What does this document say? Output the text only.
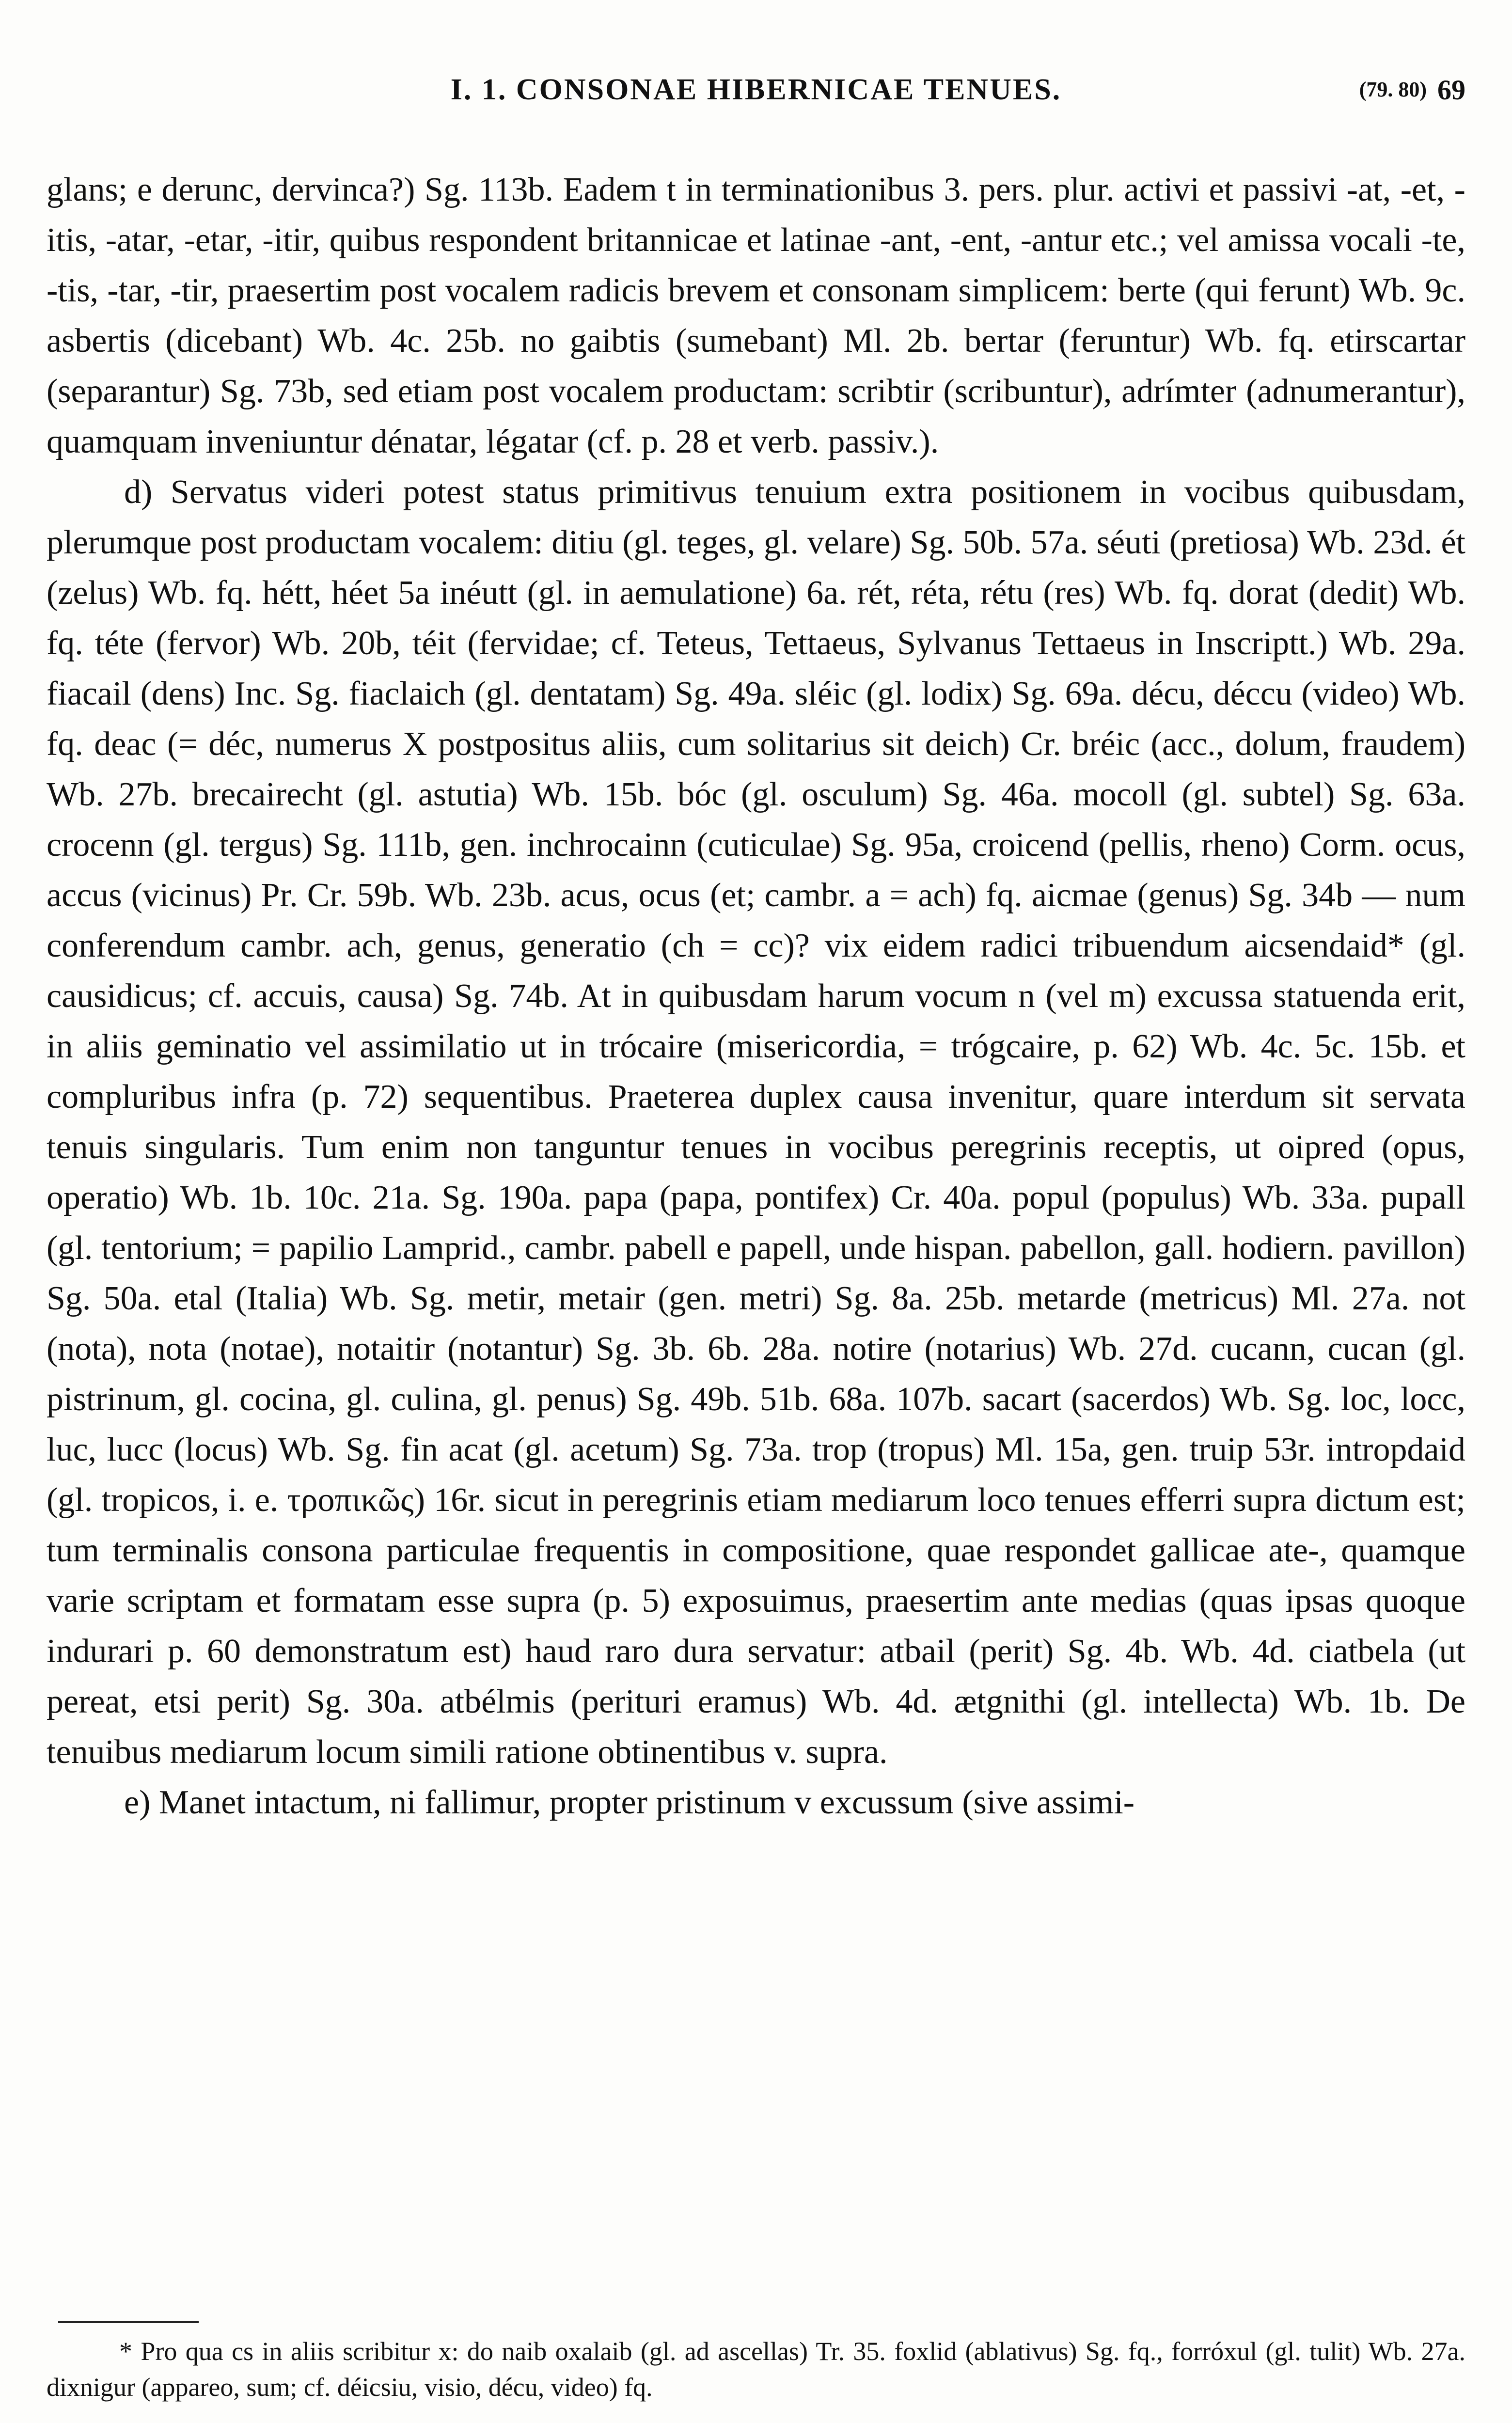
I. 1. CONSONAE HIBERNICAE TENUES.	(79. 80) 69

glans; e derunc, dervinca?) Sg. 113b. Eadem t in terminationibus 3. pers. plur. activi et passivi -at, -et, -itis, -atar, -etar, -itir, quibus respondent britannicae et latinae -ant, -ent, -antur etc.; vel amissa vocali -te, -tis, -tar, -tir, praesertim post vocalem radicis brevem et consonam simplicem: berte (qui ferunt) Wb. 9c. asbertis (dicebant) Wb. 4c. 25b. no gaibtis (sumebant) Ml. 2b. bertar (feruntur) Wb. fq. etirscartar (separantur) Sg. 73b, sed etiam post vocalem productam: scribtir (scribuntur), adrímter (adnumerantur), quamquam inveniuntur dénatar, légatar (cf. p. 28 et verb. passiv.).

d) Servatus videri potest status primitivus tenuium extra positionem in vocibus quibusdam, plerumque post productam vocalem: ditiu (gl. teges, gl. velare) Sg. 50b. 57a. séuti (pretiosa) Wb. 23d. ét (zelus) Wb. fq. hétt, héet 5a inéutt (gl. in aemulatione) 6a. rét, réta, rétu (res) Wb. fq. dorat (dedit) Wb. fq. téte (fervor) Wb. 20b, téit (fervidae; cf. Teteus, Tettaeus, Sylvanus Tettaeus in Inscriptt.) Wb. 29a. fiacail (dens) Inc. Sg. fiaclaich (gl. dentatam) Sg. 49a. sléic (gl. lodix) Sg. 69a. décu, déccu (video) Wb. fq. deac (= déc, numerus X postpositus aliis, cum solitarius sit deich) Cr. bréic (acc., dolum, fraudem) Wb. 27b. brecairecht (gl. astutia) Wb. 15b. bóc (gl. osculum) Sg. 46a. mocoll (gl. subtel) Sg. 63a. crocenn (gl. tergus) Sg. 111b, gen. inchrocainn (cuticulae) Sg. 95a, croicend (pellis, rheno) Corm. ocus, accus (vicinus) Pr. Cr. 59b. Wb. 23b. acus, ocus (et; cambr. a = ach) fq. aicmae (genus) Sg. 34b — num conferendum cambr. ach, genus, generatio (ch = cc)? vix eidem radici tribuendum aicsendaid* (gl. causidicus; cf. accuis, causa) Sg. 74b. At in quibusdam harum vocum n (vel m) excussa statuenda erit, in aliis geminatio vel assimilatio ut in trócaire (misericordia, = trógcaire, p. 62) Wb. 4c. 5c. 15b. et compluribus infra (p. 72) sequentibus. Praeterea duplex causa invenitur, quare interdum sit servata tenuis singularis. Tum enim non tanguntur tenues in vocibus peregrinis receptis, ut oipred (opus, operatio) Wb. 1b. 10c. 21a. Sg. 190a. papa (papa, pontifex) Cr. 40a. popul (populus) Wb. 33a. pupall (gl. tentorium; = papilio Lamprid., cambr. pabell e papell, unde hispan. pabellon, gall. hodiern. pavillon) Sg. 50a. etal (Italia) Wb. Sg. metir, metair (gen. metri) Sg. 8a. 25b. metarde (metricus) Ml. 27a. not (nota), nota (notae), notaitir (notantur) Sg. 3b. 6b. 28a. notire (notarius) Wb. 27d. cucann, cucan (gl. pistrinum, gl. cocina, gl. culina, gl. penus) Sg. 49b. 51b. 68a. 107b. sacart (sacerdos) Wb. Sg. loc, locc, luc, lucc (locus) Wb. Sg. fin acat (gl. acetum) Sg. 73a. trop (tropus) Ml. 15a, gen. truip 53r. intropdaid (gl. tropicos, i. e. τροπικῶς) 16r. sicut in peregrinis etiam mediarum loco tenues efferri supra dictum est; tum terminalis consona particulae frequentis in compositione, quae respondet gallicae ate-, quamque varie scriptam et formatam esse supra (p. 5) exposuimus, praesertim ante medias (quas ipsas quoque indurari p. 60 demonstratum est) haud raro dura servatur: atbail (perit) Sg. 4b. Wb. 4d. ciatbela (ut pereat, etsi perit) Sg. 30a. atbélmis (perituri eramus) Wb. 4d. ætgnithi (gl. intellecta) Wb. 1b. De tenuibus mediarum locum simili ratione obtinentibus v. supra.

e) Manet intactum, ni fallimur, propter pristinum v excussum (sive assimi-

* Pro qua cs in aliis scribitur x: do naib oxalaib (gl. ad ascellas) Tr. 35. foxlid (ablativus) Sg. fq., forróxul (gl. tulit) Wb. 27a. dixnigur (appareo, sum; cf. déicsiu, visio, décu, video) fq.
